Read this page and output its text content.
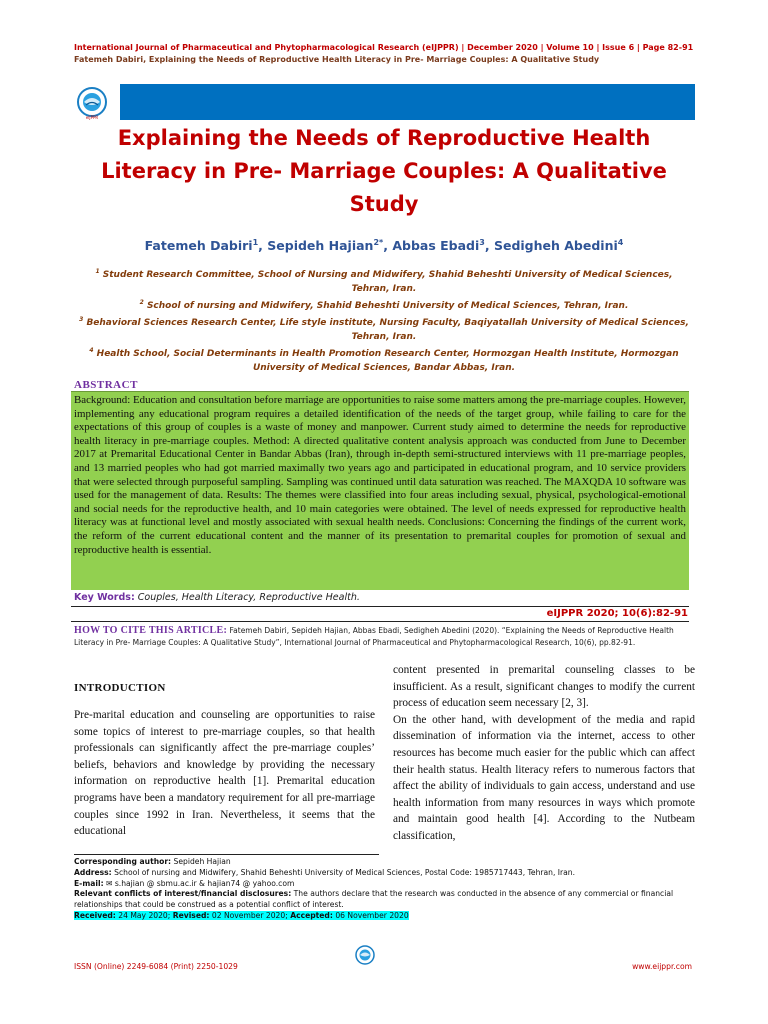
International Journal of Pharmaceutical and Phytopharmacological Research (eIJPPR) | December 2020 | Volume 10 | Issue 6 | Page 82-91
Fatemeh Dabiri, Explaining the Needs of Reproductive Health Literacy in Pre- Marriage Couples: A Qualitative Study
eIJPPR
Explaining the Needs of Reproductive Health Literacy in Pre- Marriage Couples: A Qualitative Study
Fatemeh Dabiri$^1$, Sepideh Hajian$^{2*}$, Abbas Ebadi$^3$, Sedigheh Abedini$^4$

$^1$ Student Research Committee, School of Nursing and Midwifery, Shahid Beheshti University of Medical Sciences, Tehran, Iran.

$^2$ School of nursing and Midwifery, Shahid Beheshti University of Medical Sciences, Tehran, Iran.

$^3$ Behavioral Sciences Research Center, Life style institute, Nursing Faculty, Baqiyatallah University of Medical Sciences, Tehran, Iran.

$^4$ Health School, Social Determinants in Health Promotion Research Center, Hormozgan Health Institute, Hormozgan University of Medical Sciences, Bandar Abbas, Iran.

ABSTRACT

Background: Education and consultation before marriage are opportunities to raise some matters among the pre-marriage couples. However, implementing any educational program requires a detailed identification of the needs of the target group, while failing to care for the expectations of this group of couples is a waste of money and manpower. Current study aimed to determine the needs for reproductive health literacy in pre-marriage couples. Method: A directed qualitative content analysis approach was conducted from June to December 2017 at Premarital Educational Center in Bandar Abbas (Iran), through in-depth semi-structured interviews with 11 pre-marriage peoples, and 13 married peoples who had got married maximally two years ago and participated in educational program, and 10 service providers that were selected through purposeful sampling. Sampling was continued until data saturation was reached. The MAXQDA 10 software was used for the management of data. Results: The themes were classified into four areas including sexual, physical, psychological-emotional and social needs for the reproductive health, and 10 main categories were obtained. The level of needs expressed for reproductive health literacy was at functional level and mostly associated with sexual health needs. Conclusions: Concerning the findings of the current work, the reform of the current educational content and the manner of its presentation to premarital couples for promotion of sexual and reproductive health is essential.

Key Words: Couples, Health Literacy, Reproductive Health.
eIJPPR 2020; 10(6):82-91
HOW TO CITE THIS ARTICLE: Fatemeh Dabiri, Sepideh Hajian, Abbas Ebadi, Sedigheh Abedini (2020). “Explaining the Needs of Reproductive Health Literacy in Pre- Marriage Couples: A Qualitative Study”, International Journal of Pharmaceutical and Phytopharmacological Research, 10(6), pp.82-91.
INTRODUCTION

Pre-marital education and counseling are opportunities to raise some topics of interest to pre-marriage couples, so that health professionals can significantly affect the pre-marriage couples’ beliefs, behaviors and knowledge by providing the necessary information on reproductive health [1]. Premarital education programs have been a mandatory requirement for all pre-marriage couples since 1992 in Iran. Nevertheless, it seems that the educational

content presented in premarital counseling classes to be insufficient. As a result, significant changes to modify the current process of education seem necessary [2, 3].

On the other hand, with development of the media and rapid dissemination of information via the internet, access to other resources has become much easier for the public which can affect their health status. Health literacy refers to numerous factors that affect the ability of individuals to gain access, understand and use health information from many resources in ways which promote and maintain good health [4]. According to the Nutbeam classification,

Corresponding author: Sepideh Hajian

Address: School of nursing and Midwifery, Shahid Beheshti University of Medical Sciences, Postal Code: 1985717443, Tehran, Iran.

E-mail: ✉ s.hajian @ sbmu.ac.ir & hajian74 @ yahoo.com

Relevant conflicts of interest/financial disclosures: The authors declare that the research was conducted in the absence of any commercial or financial relationships that could be construed as a potential conflict of interest.

Received: 24 May 2020; Revised: 02 November 2020; Accepted: 06 November 2020

ISSN (Online) 2249-6084 (Print) 2250-1029	www.eijppr.com
